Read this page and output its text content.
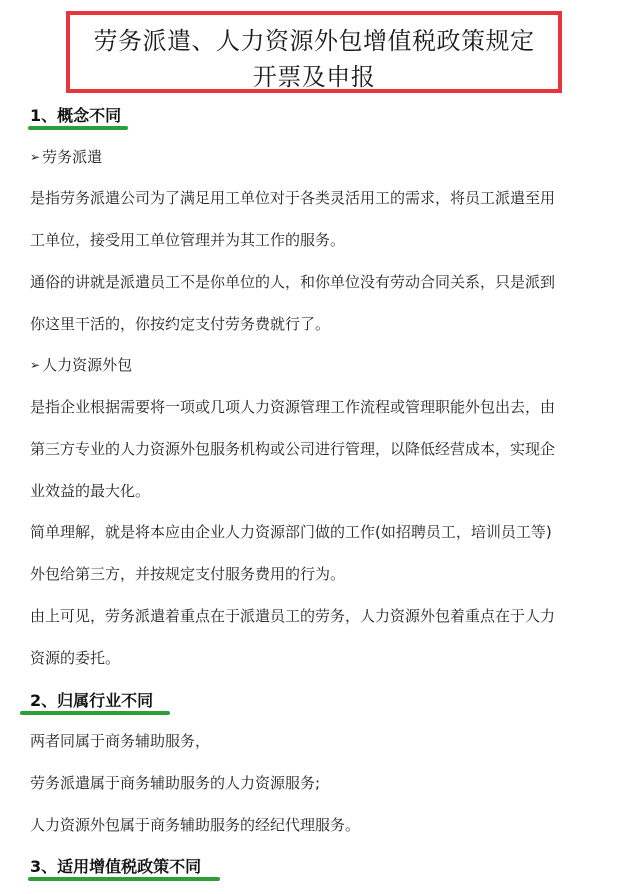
劳务派遣、人力资源外包增值税政策规定
开票及申报
1、概念不同
➢ 劳务派遣
是指劳务派遣公司为了满足用工单位对于各类灵活用工的需求，将员工派遣至用
工单位，接受用工单位管理并为其工作的服务。
通俗的讲就是派遣员工不是你单位的人，和你单位没有劳动合同关系，只是派到
你这里干活的，你按约定支付劳务费就行了。
➢ 人力资源外包
是指企业根据需要将一项或几项人力资源管理工作流程或管理职能外包出去，由
第三方专业的人力资源外包服务机构或公司进行管理，以降低经营成本，实现企
业效益的最大化。
简单理解，就是将本应由企业人力资源部门做的工作(如招聘员工，培训员工等)
外包给第三方，并按规定支付服务费用的行为。
由上可见，劳务派遣着重点在于派遣员工的劳务，人力资源外包着重点在于人力
资源的委托。
2、归属行业不同
两者同属于商务辅助服务，
劳务派遣属于商务辅助服务的人力资源服务;
人力资源外包属于商务辅助服务的经纪代理服务。
3、适用增值税政策不同
